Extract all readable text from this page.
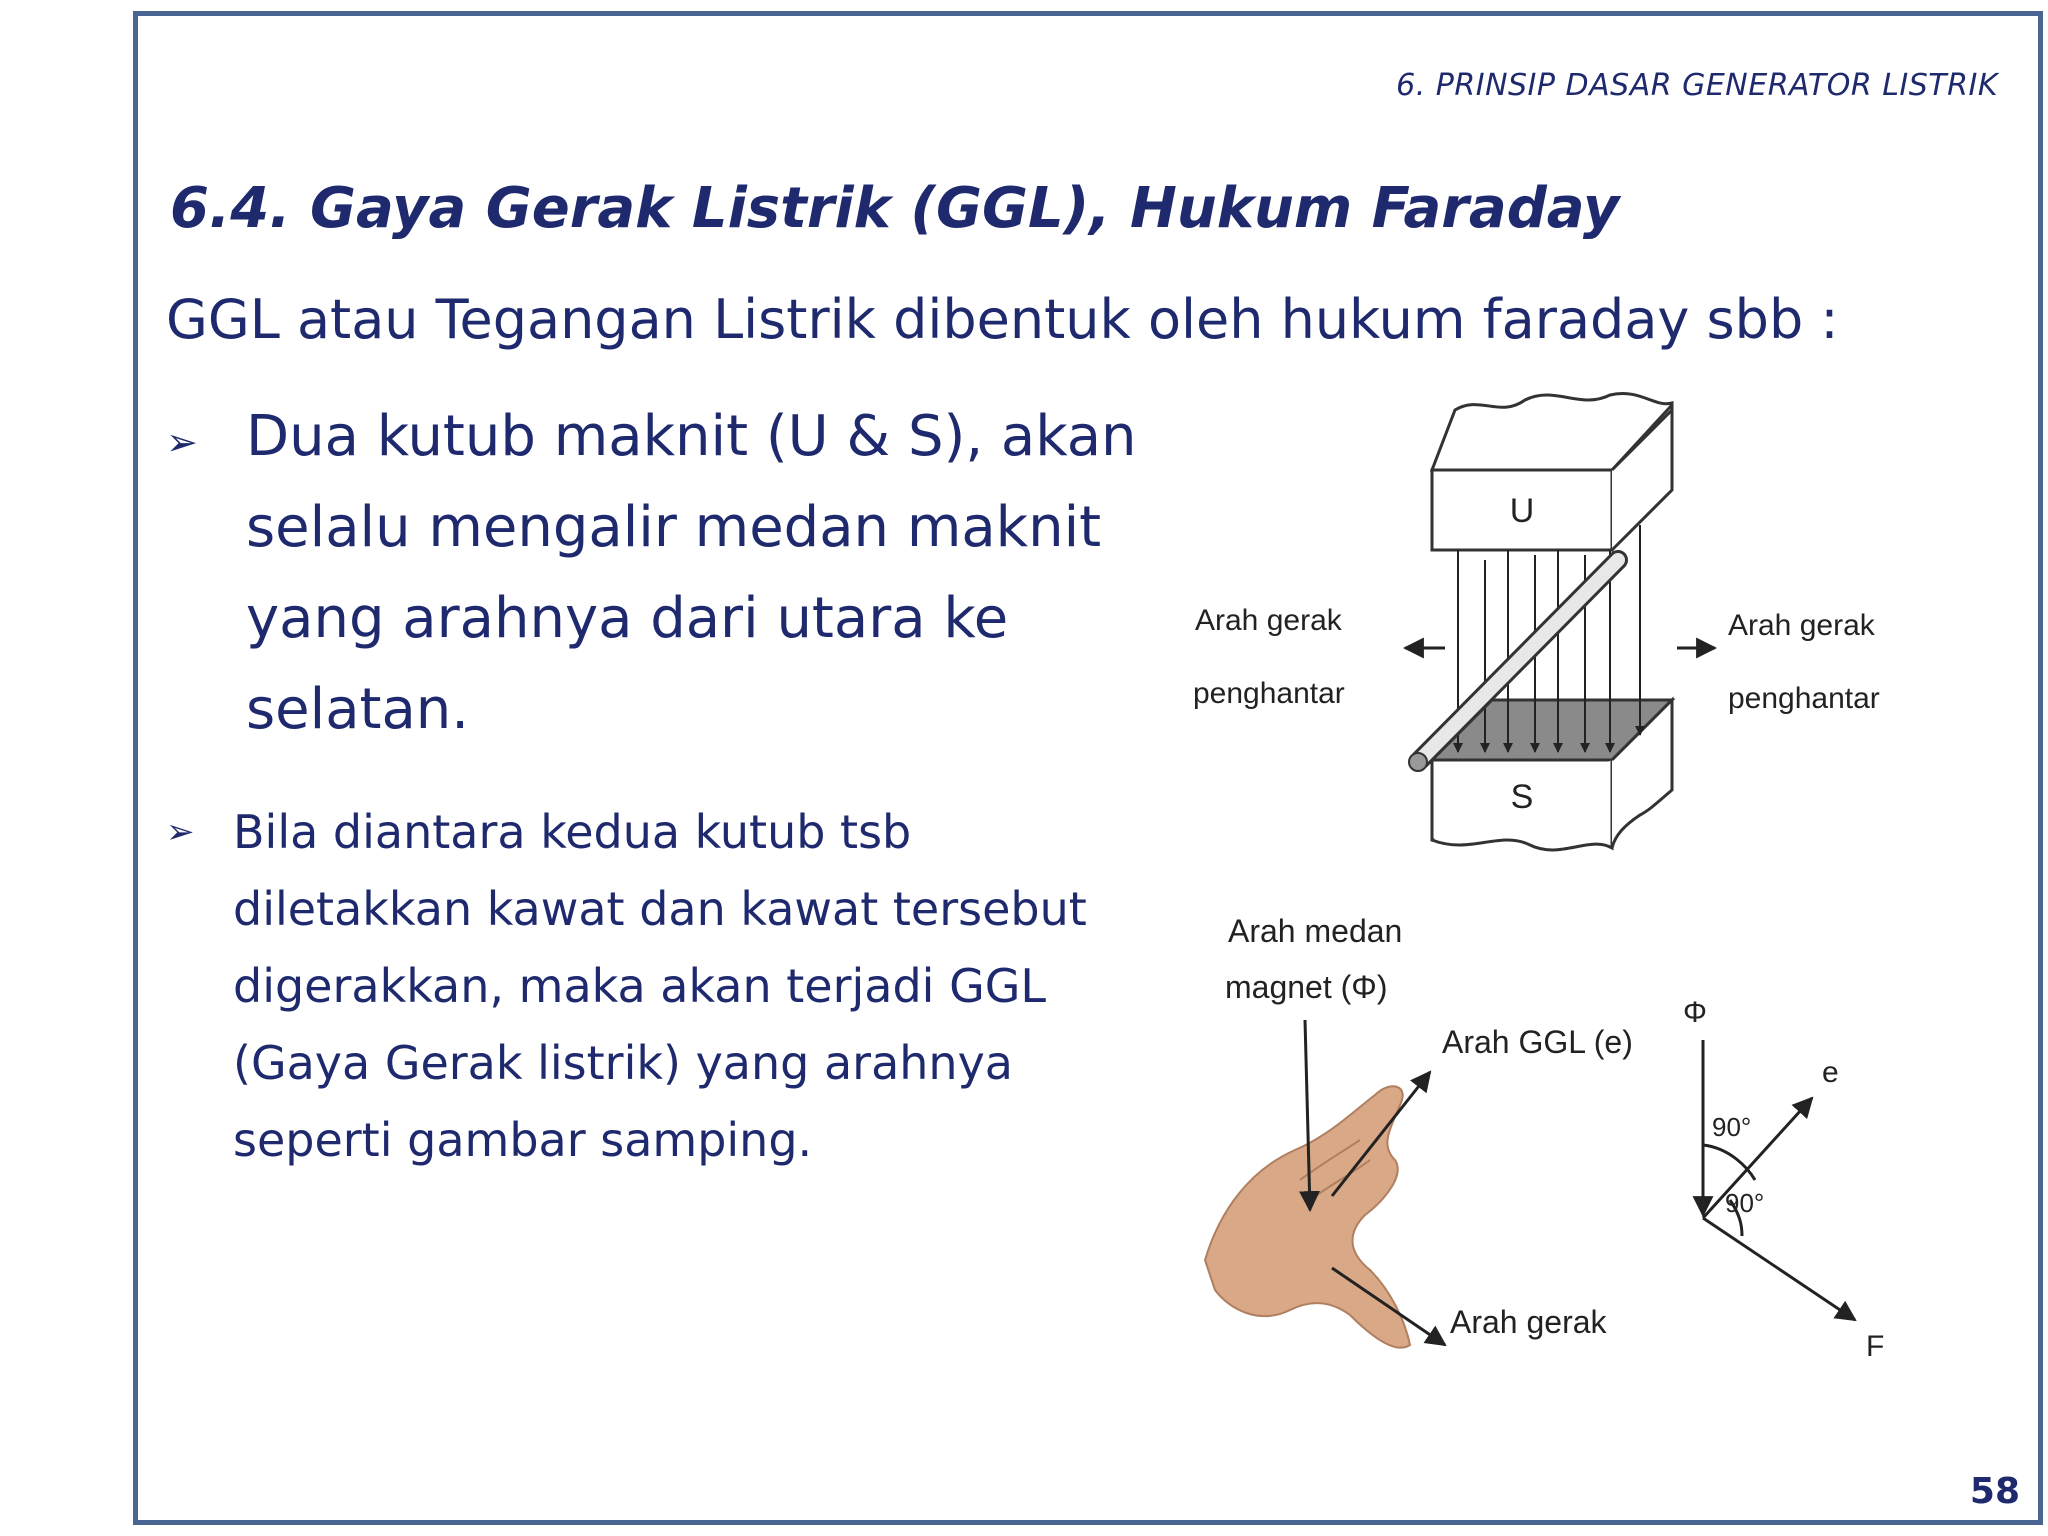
6. PRINSIP DASAR GENERATOR LISTRIK
6.4. Gaya Gerak Listrik (GGL), Hukum Faraday
GGL atau Tegangan Listrik dibentuk oleh hukum faraday sbb :
➢ Dua kutub maknit (U & S), akan
selalu mengalir medan maknit
yang arahnya dari utara ke
selatan.
➢ Bila diantara kedua kutub tsb
diletakkan kawat dan kawat tersebut
digerakkan, maka akan terjadi GGL
(Gaya Gerak listrik) yang arahnya
seperti gambar samping.
58
U
S
Arah gerak
penghantar
Arah gerak
penghantar
Arah medan
magnet (Φ)
Arah GGL (e)
Arah gerak
Φ
e
F
90°
90°
